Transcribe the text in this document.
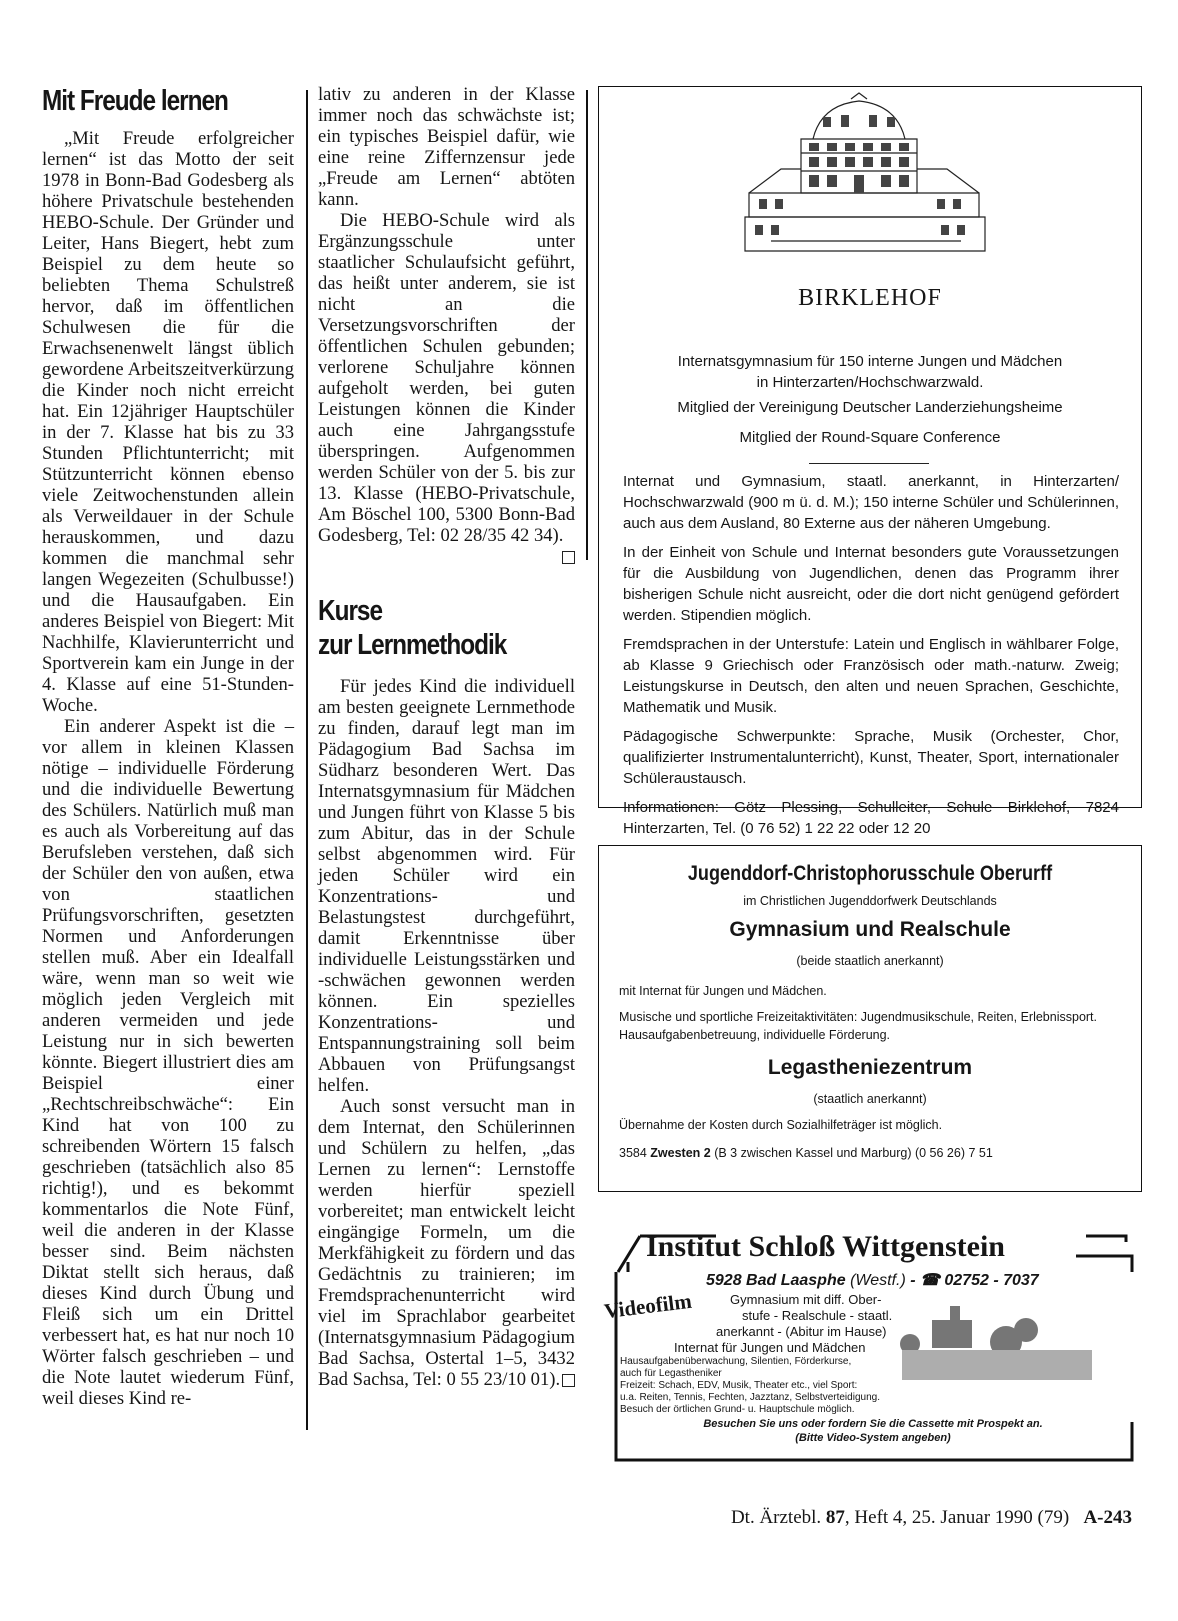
Mit Freude lernen

„Mit Freude erfolgreicher lernen“ ist das Motto der seit 1978 in Bonn-Bad Godesberg als höhere Privatschule bestehenden HEBO-Schule. Der Gründer und Leiter, Hans Biegert, hebt zum Beispiel zu dem heute so beliebten Thema Schulstreß hervor, daß im öffentlichen Schulwesen die für die Erwachsenenwelt längst üblich gewordene Arbeitszeitverkürzung die Kinder noch nicht erreicht hat. Ein 12jähriger Hauptschüler in der 7. Klasse hat bis zu 33 Stunden Pflichtunterricht; mit Stützunterricht können ebenso viele Zeitwochenstunden allein als Verweildauer in der Schule herauskommen, und dazu kommen die manchmal sehr langen Wegezeiten (Schulbusse!) und die Hausaufgaben. Ein anderes Beispiel von Biegert: Mit Nachhilfe, Klavierunterricht und Sportverein kam ein Junge in der 4. Klasse auf eine 51-Stunden-Woche.

Ein anderer Aspekt ist die – vor allem in kleinen Klassen nötige – individuelle Förderung und die individuelle Bewertung des Schülers. Natürlich muß man es auch als Vorbereitung auf das Berufsleben verstehen, daß sich der Schüler den von außen, etwa von staatlichen Prüfungsvorschriften, gesetzten Normen und Anforderungen stellen muß. Aber ein Idealfall wäre, wenn man so weit wie möglich jeden Vergleich mit anderen vermeiden und jede Leistung nur in sich bewerten könnte. Biegert illustriert dies am Beispiel einer „Rechtschreibschwäche“: Ein Kind hat von 100 zu schreibenden Wörtern 15 falsch geschrieben (tatsächlich also 85 richtig!), und es bekommt kommentarlos die Note Fünf, weil die anderen in der Klasse besser sind. Beim nächsten Diktat stellt sich heraus, daß dieses Kind durch Übung und Fleiß sich um ein Drittel verbessert hat, es hat nur noch 10 Wörter falsch geschrieben – und die Note lautet wiederum Fünf, weil dieses Kind re-

lativ zu anderen in der Klasse immer noch das schwächste ist; ein typisches Beispiel dafür, wie eine reine Ziffernzensur jede „Freude am Lernen“ abtöten kann.

Die HEBO-Schule wird als Ergänzungsschule unter staatlicher Schulaufsicht geführt, das heißt unter anderem, sie ist nicht an die Versetzungsvorschriften der öffentlichen Schulen gebunden; verlorene Schuljahre können aufgeholt werden, bei guten Leistungen können die Kinder auch eine Jahrgangsstufe überspringen. Aufgenommen werden Schüler von der 5. bis zur 13. Klasse (HEBO-Privatschule, Am Böschel 100, 5300 Bonn-Bad Godesberg, Tel: 02 28/35 42 34).

Kurse
zur Lernmethodik

Für jedes Kind die individuell am besten geeignete Lernmethode zu finden, darauf legt man im Pädagogium Bad Sachsa im Südharz besonderen Wert. Das Internatsgymnasium für Mädchen und Jungen führt von Klasse 5 bis zum Abitur, das in der Schule selbst abgenommen wird. Für jeden Schüler wird ein Konzentrations- und Belastungstest durchgeführt, damit Erkenntnisse über individuelle Leistungsstärken und -schwächen gewonnen werden können. Ein spezielles Konzentrations- und Entspannungstraining soll beim Abbauen von Prüfungsangst helfen.

Auch sonst versucht man in dem Internat, den Schülerinnen und Schülern zu helfen, „das Lernen zu lernen“: Lernstoffe werden hierfür speziell vorbereitet; man entwickelt leicht eingängige Formeln, um die Merkfähigkeit zu fördern und das Gedächtnis zu trainieren; im Fremdsprachenunterricht wird viel im Sprachlabor gearbeitet (Internatsgymnasium Pädagogium Bad Sachsa, Ostertal 1–5, 3432 Bad Sachsa, Tel: 0 55 23/10 01).

BIRKLEHOF
Internatsgymnasium für 150 interne Jungen und Mädchen
in Hinterzarten/Hochschwarzwald.
Mitglied der Vereinigung Deutscher Landerziehungsheime
Mitglied der Round-Square Conference

Internat und Gymnasium, staatl. anerkannt, in Hinterzarten/ Hochschwarzwald (900 m ü. d. M.); 150 interne Schüler und Schülerinnen, auch aus dem Ausland, 80 Externe aus der näheren Umgebung.

In der Einheit von Schule und Internat besonders gute Voraussetzungen für die Ausbildung von Jugendlichen, denen das Programm ihrer bisherigen Schule nicht ausreicht, oder die dort nicht genügend gefördert werden. Stipendien möglich.

Fremdsprachen in der Unterstufe: Latein und Englisch in wählbarer Folge, ab Klasse 9 Griechisch oder Französisch oder math.-naturw. Zweig; Leistungskurse in Deutsch, den alten und neuen Sprachen, Geschichte, Mathematik und Musik.

Pädagogische Schwerpunkte: Sprache, Musik (Orchester, Chor, qualifizierter Instrumentalunterricht), Kunst, Theater, Sport, internationaler Schüleraustausch.

Informationen: Götz Plessing, Schulleiter, Schule Birklehof, 7824 Hinterzarten, Tel. (0 76 52) 1 22 22 oder 12 20

Jugenddorf-Christophorusschule Oberurff
im Christlichen Jugenddorfwerk Deutschlands
Gymnasium und Realschule
(beide staatlich anerkannt)
mit Internat für Jungen und Mädchen.
Musische und sportliche Freizeitaktivitäten: Jugendmusikschule, Reiten, Erlebnissport. Hausaufgabenbetreuung, individuelle Förderung.
Legastheniezentrum
(staatlich anerkannt)
Übernahme der Kosten durch Sozialhilfeträger ist möglich.
3584 Zwesten 2 (B 3 zwischen Kassel und Marburg) (0 56 26) 7 51
Institut Schloß Wittgenstein
5928 Bad Laasphe (Westf.) - ☎ 02752 - 7037
Videofilm	Gymnasium mit diff. Ober-
stufe - Realschule - staatl.
anerkannt - (Abitur im Hause)
Internat für Jungen und Mädchen
Hausaufgabenüberwachung, Silentien, Förderkurse,
auch für Legastheniker
Freizeit: Schach, EDV, Musik, Theater etc., viel Sport:
u.a. Reiten, Tennis, Fechten, Jazztanz, Selbstverteidigung.
Besuch der örtlichen Grund- u. Hauptschule möglich.
Besuchen Sie uns oder fordern Sie die Cassette mit Prospekt an.
(Bitte Video-System angeben)
Dt. Ärztebl. 87, Heft 4, 25. Januar 1990 (79) A-243
